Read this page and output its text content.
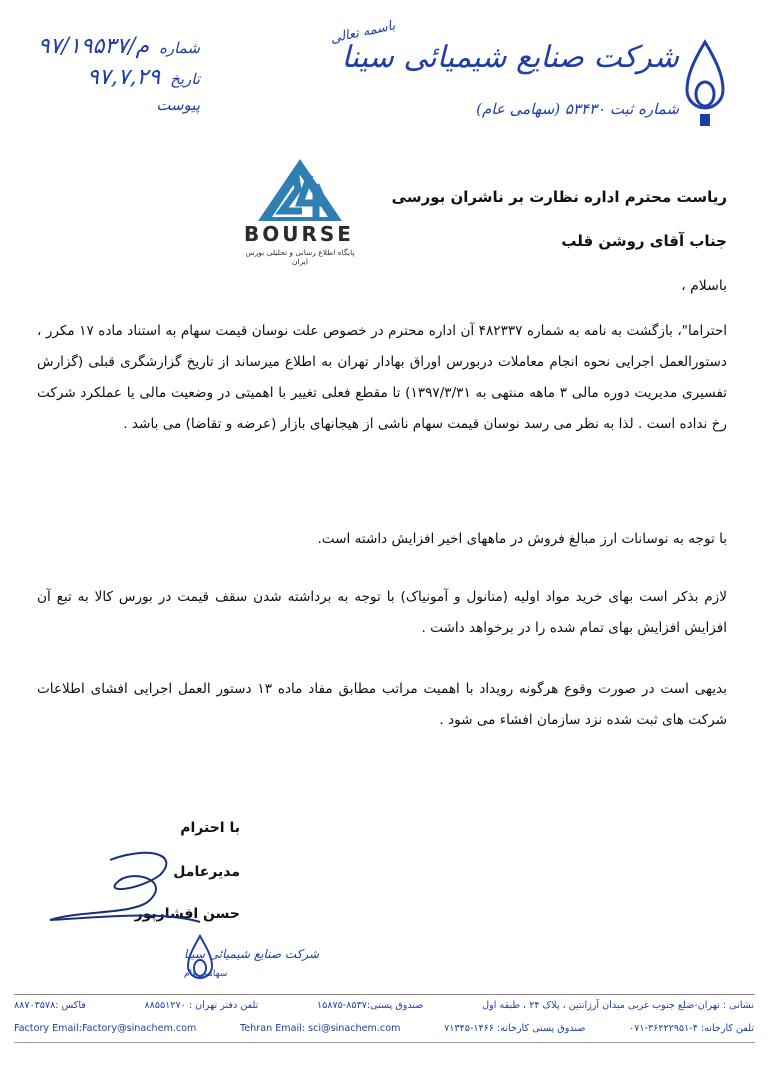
شرکت صنایع شیمیائی سینا
شماره ثبت ۵۳۴۳۰ (سهامی عام)
باسمه تعالی
شماره
۹۷/م/۱۹۵۳۷
تاریخ
۹۷,۷,۲۹
پیوست
BOURSE
پایگاه اطلاع رسانی و تحلیلی بورس ایران
ریاست محترم اداره نظارت بر ناشران بورسی
جناب آقای روشن قلب
باسلام ،

احتراما"، بازگشت به نامه به شماره ۴۸۲۳۳۷ آن اداره محترم در خصوص علت نوسان قیمت سهام به استناد ماده ۱۷ مکرر ، دستورالعمل اجرایی نحوه انجام معاملات دربورس اوراق بهادار تهران به اطلاع میرساند از تاریخ گزارشگری قبلی (گزارش تفسیری مدیریت دوره مالی ۳ ماهه منتهی به ۱۳۹۷/۳/۳۱) تا مقطع فعلی تغییر با اهمیتی در وضعیت مالی یا عملکرد شرکت رخ نداده است . لذا به نظر می رسد نوسان قیمت سهام ناشی از هیجانهای بازار (عرضه و تقاضا) می باشد .

با توجه به نوسانات ارز مبالغ فروش در ماههای اخیر افزایش داشته است.

لازم بذکر است بهای خرید مواد اولیه (متانول و آمونیاک) با توجه به برداشته شدن سقف قیمت در بورس کالا به تبع آن افزایش افزایش بهای تمام شده را در برخواهد داشت .

بدیهی است در صورت وقوع هرگونه رویداد با اهمیت مراتب مطابق مفاد ماده ۱۳ دستور العمل اجرایی افشای اطلاعات شرکت های ثبت شده نزد سازمان افشاء می شود .

با احترام
مدیرعامل
حسن افشارپور
شرکت صنایع شیمیائی سینا
سهامی عام
نشانی : تهران-ضلع جنوب غربی میدان آرژانتین ، پلاک ۲۴ ، طبقه اول
صندوق پستی:۸۵۳۷-۱۵۸۷۵
تلفن دفتر تهران : ۸۸۵۵۱۲۷۰
فاکس :۸۸۷۰۳۵۷۸
تلفن کارخانه: ۴-۳۶۲۲۲۹۵۱-۰۷۱
صندوق پستی کارخانه: ۱۴۶۶-۷۱۳۴۵
Tehran Email: sci@sinachem.com
Factory Email:Factory@sinachem.com
